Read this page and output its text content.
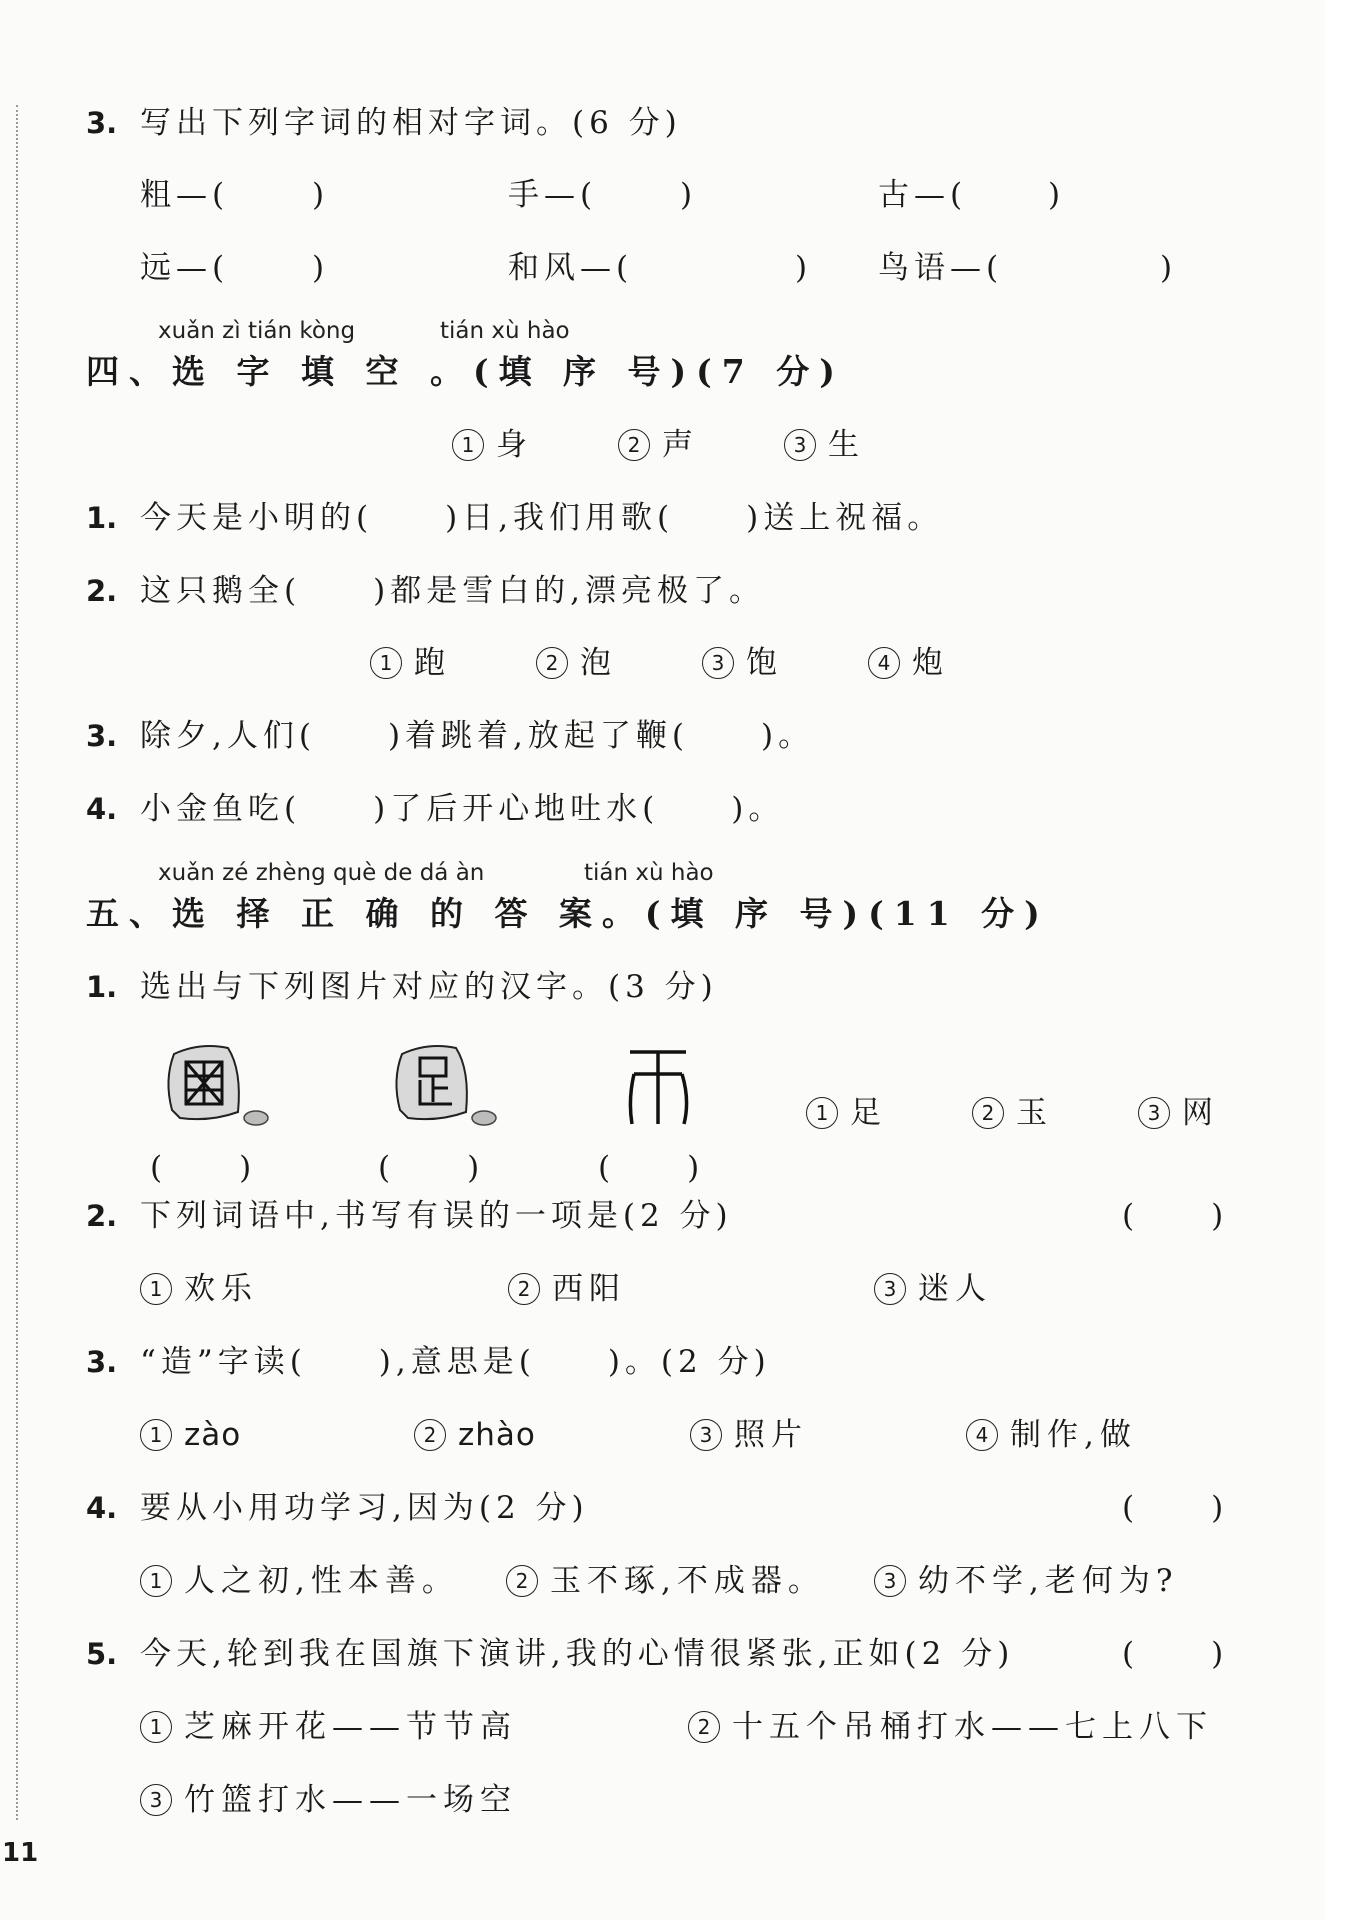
3. 写出下列字词的相对字词。(6 分)
粗—(	)	手—(	)	古—(	)
远—(	)	和风—(	) 鸟语—(	)
xuǎn zì tián kòng	tián xù hào
四、选 字 填 空 。(填 序 号)(7 分)
1 身	2 声	3 生
1. 今天是小明的(　　)日,我们用歌(　　)送上祝福。
2. 这只鹅全(　　)都是雪白的,漂亮极了。
1 跑	2 泡	3 饱	4 炮
3. 除夕,人们(　　)着跳着,放起了鞭(　　)。
4. 小金鱼吃(　　)了后开心地吐水(　　)。
xuǎn zé zhèng què de dá àn	tián xù hào
五、选 择 正 确 的 答 案。(填 序 号)(11 分)
1. 选出与下列图片对应的汉字。(3 分)
(　　)	(　　)	(　　)
1 足	2 玉	3 网
2. 下列词语中,书写有误的一项是(2 分)	(　　)
1 欢乐	2 西阳	3 迷人
3. “造”字读(　　),意思是(　　)。(2 分)
1 zào	2 zhào	3 照片	4 制作,做
4. 要从小用功学习,因为(2 分)	(　　)
1 人之初,性本善。	2 玉不琢,不成器。	3 幼不学,老何为?
5. 今天,轮到我在国旗下演讲,我的心情很紧张,正如(2 分)	(　　)
1 芝麻开花——节节高	2 十五个吊桶打水——七上八下
3 竹篮打水——一场空
11
